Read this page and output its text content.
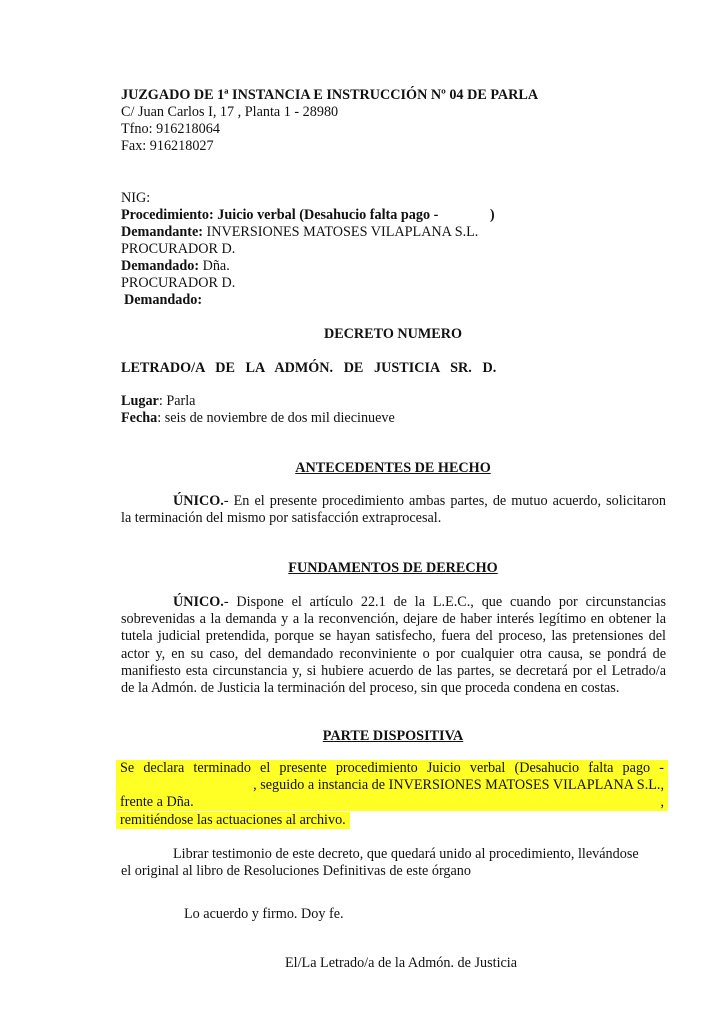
JUZGADO DE 1ª INSTANCIA E INSTRUCCIÓN Nº 04 DE PARLA
C/ Juan Carlos I, 17 , Planta 1 - 28980
Tfno: 916218064
Fax: 916218027
NIG:
Procedimiento: Juicio verbal (Desahucio falta pago -	)
Demandante: INVERSIONES MATOSES VILAPLANA S.L.
PROCURADOR D.
Demandado: Dña.
PROCURADOR D.
Demandado:
DECRETO NUMERO
LETRADO/A   DE   LA   ADMÓN.   DE   JUSTICIA   SR.   D.
Lugar: Parla
Fecha: seis de noviembre de dos mil diecinueve
ANTECEDENTES DE HECHO
ÚNICO.- En el presente procedimiento ambas partes, de mutuo acuerdo, solicitaron
la terminación del mismo por satisfacción extraprocesal.
FUNDAMENTOS DE DERECHO
ÚNICO.- Dispone el artículo 22.1 de la L.E.C., que cuando por circunstancias
sobrevenidas a la demanda y a la reconvención, dejare de haber interés legítimo en obtener la
tutela judicial pretendida, porque se hayan satisfecho, fuera del proceso, las pretensiones del
actor y, en su caso, del demandado reconviniente o por cualquier otra causa, se pondrá de
manifiesto esta circunstancia y, si hubiere acuerdo de las partes, se decretará por el Letrado/a
de la Admón. de Justicia la terminación del proceso, sin que proceda condena en costas.
PARTE DISPOSITIVA
Se declara terminado el presente procedimiento Juicio verbal (Desahucio falta pago -
, seguido a instancia de INVERSIONES MATOSES VILAPLANA S.L.,
frente a Dña.	,
remitiéndose las actuaciones al archivo.
Librar testimonio de este decreto, que quedará unido al procedimiento, llevándose
el original al libro de Resoluciones Definitivas de este órgano
Lo acuerdo y firmo. Doy fe.
El/La Letrado/a de la Admón. de Justicia
